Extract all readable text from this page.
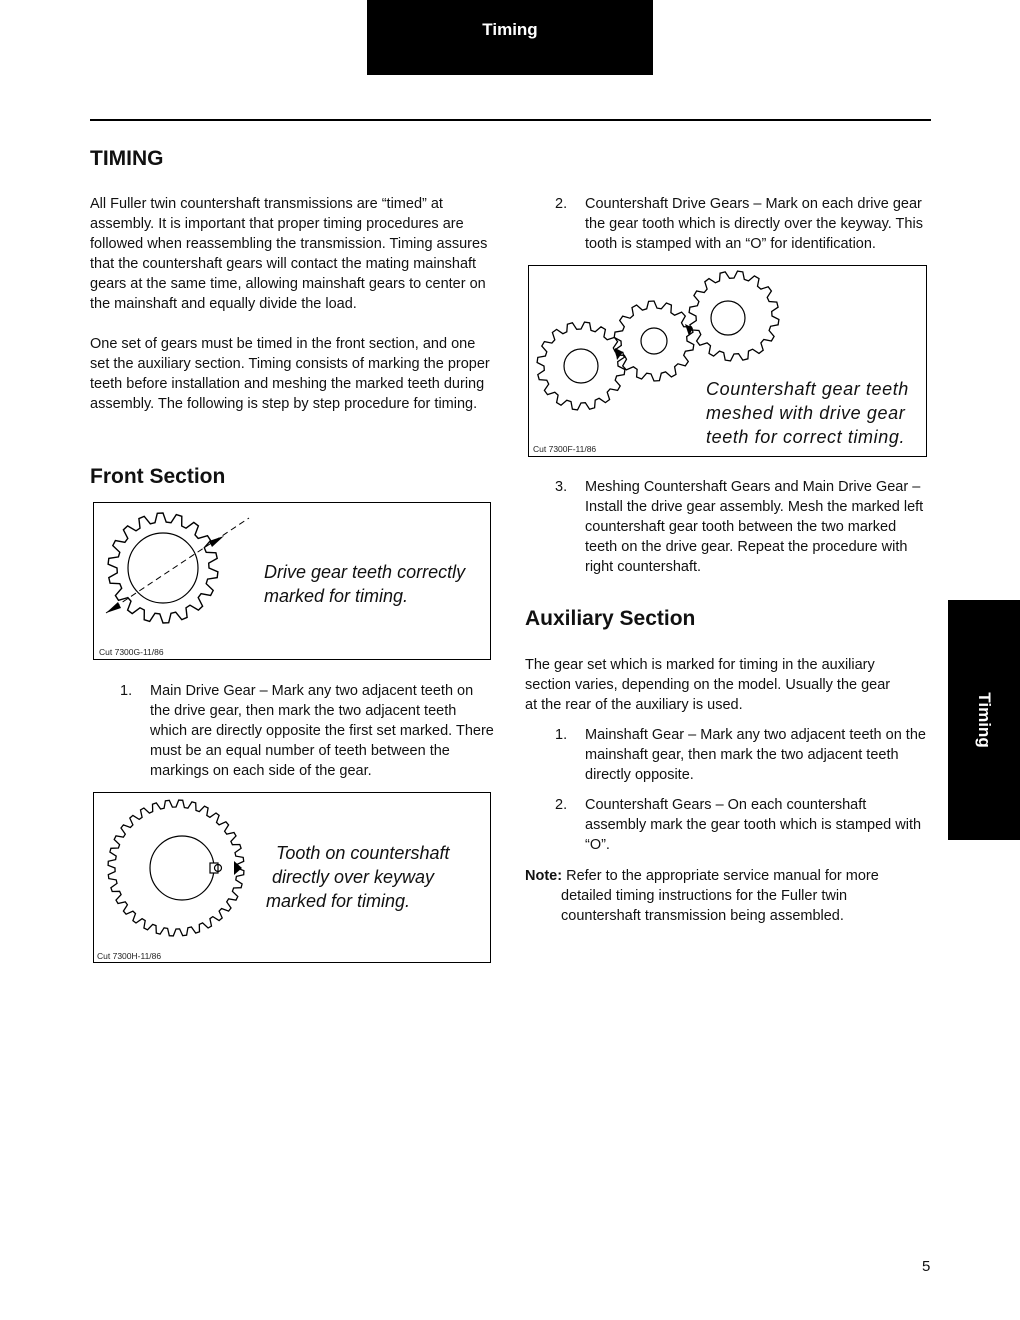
Timing
Timing
TIMING

All Fuller twin countershaft transmissions are “timed” at assembly. It is important that proper timing procedures are followed when reassembling the transmission. Timing assures that the countershaft gears will contact the mating mainshaft gears at the same time, allowing mainshaft gears to center on the mainshaft and equally divide the load.

One set of gears must be timed in the front section, and one set the auxiliary section. Timing consists of marking the proper teeth before installation and meshing the marked teeth during assembly. The following is step by step procedure for timing.

Front Section
Drive gear teeth correctly
marked for timing.
Cut 7300G-11/86
1. Main Drive Gear – Mark any two adjacent teeth on the drive gear, then mark the two adjacent teeth which are directly opposite the first set marked. There must be an equal number of teeth between the markings on each side of the gear.
Tooth on countershaft
directly over keyway
marked for timing.
Cut 7300H-11/86
2. Countershaft Drive Gears – Mark on each drive gear the gear tooth which is directly over the keyway. This tooth is stamped with an “O” for identification.
Countershaft gear teeth
meshed with drive gear
teeth for correct timing.
Cut 7300F-11/86
3. Meshing Countershaft Gears and Main Drive Gear – Install the drive gear assembly. Mesh the marked left countershaft gear tooth between the two marked teeth on the drive gear. Repeat the procedure with right countershaft.
Auxiliary Section

The gear set which is marked for timing in the auxiliary section varies, depending on the model. Usually the gear at the rear of the auxiliary is used.

1. Mainshaft Gear – Mark any two adjacent teeth on the mainshaft gear, then mark the two adjacent teeth directly opposite.
2. Countershaft Gears – On each countershaft assembly mark the gear tooth which is stamped with “O”.
Note: Refer to the appropriate service manual for more detailed timing instructions for the Fuller twin countershaft transmission being assembled.
5
